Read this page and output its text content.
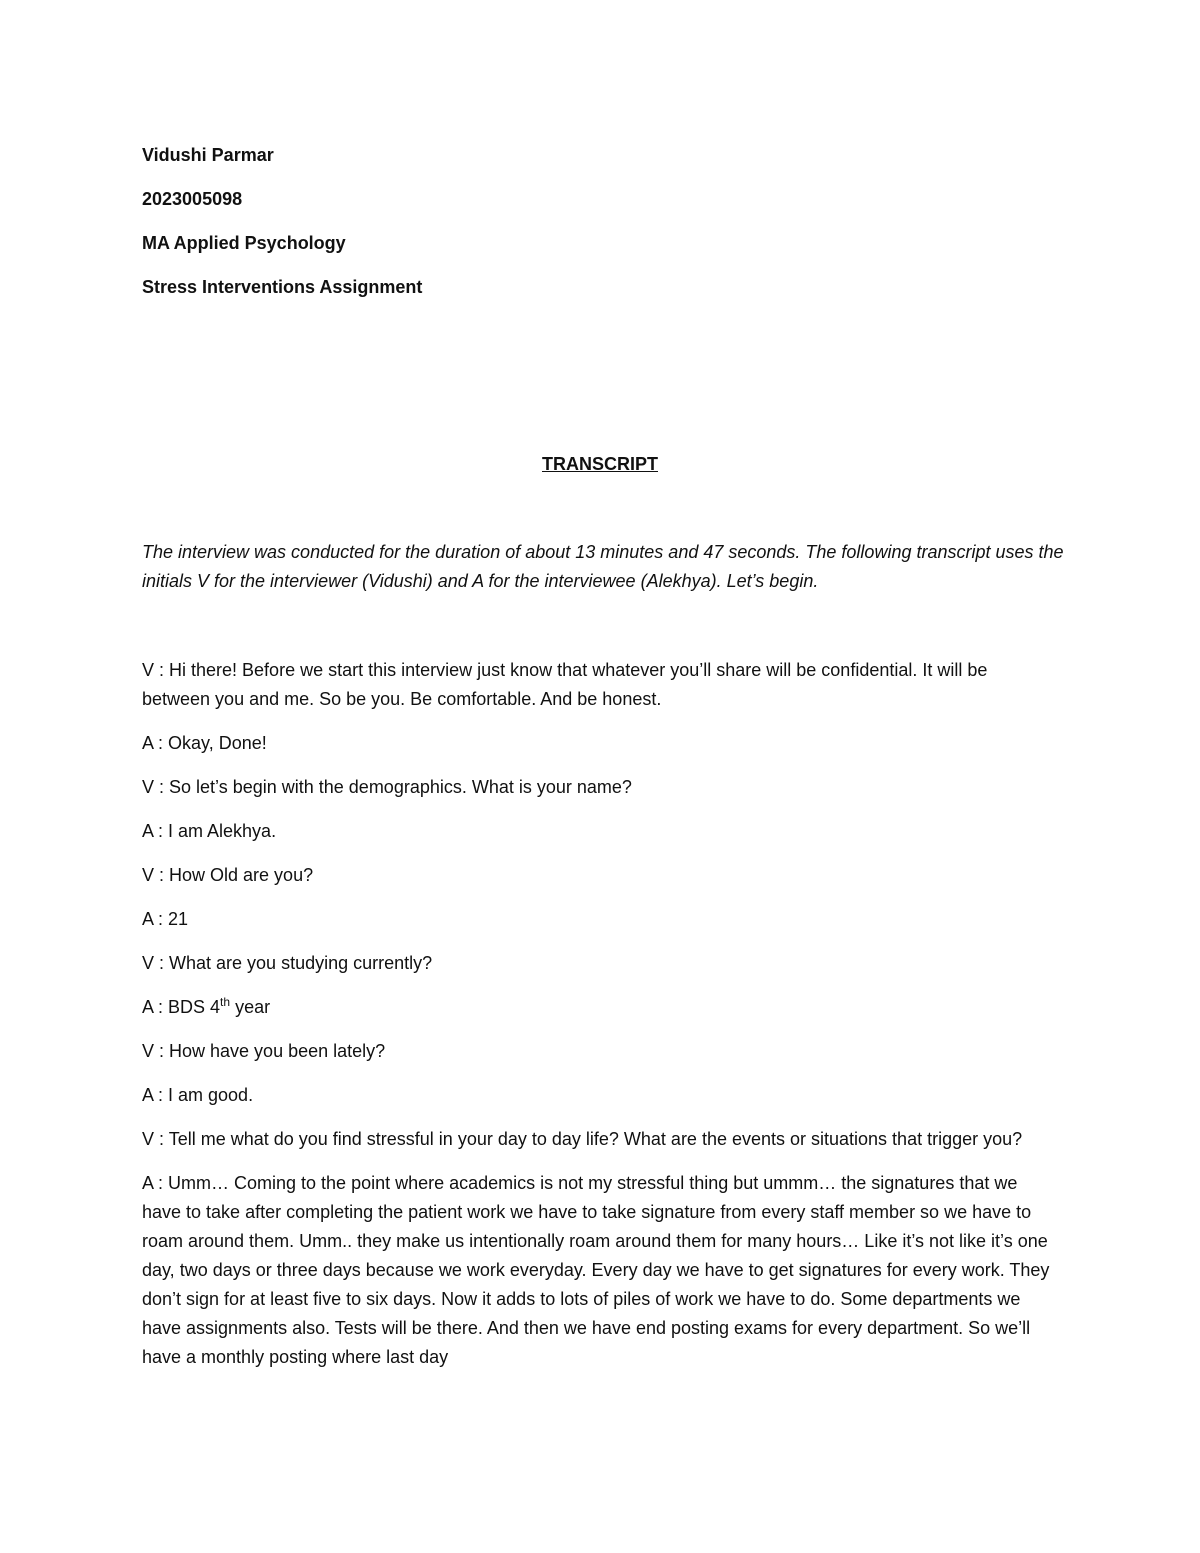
Vidushi Parmar

2023005098

MA Applied Psychology

Stress Interventions Assignment

TRANSCRIPT

The interview was conducted for the duration of about 13 minutes and 47 seconds. The following transcript uses the initials V for the interviewer (Vidushi) and A for the interviewee (Alekhya). Let’s begin.

V : Hi there! Before we start this interview just know that whatever you’ll share will be confidential. It will be between you and me. So be you. Be comfortable. And be honest.

A : Okay, Done!

V : So let’s begin with the demographics. What is your name?

A : I am Alekhya.

V : How Old are you?

A : 21

V : What are you studying currently?

A : BDS 4th year

V : How have you been lately?

A : I am good.

V : Tell me what do you find stressful in your day to day life? What are the events or situations that trigger you?

A : Umm… Coming to the point where academics is not my stressful thing but ummm… the signatures that we have to take after completing the patient work we have to take signature from every staff member so we have to roam around them. Umm.. they make us intentionally roam around them for many hours… Like it’s not like it’s one day, two days or three days because we work everyday. Every day we have to get signatures for every work. They don’t sign for at least five to six days. Now it adds to lots of piles of work we have to do. Some departments we have assignments also. Tests will be there. And then we have end posting exams for every department. So we’ll have a monthly posting where last day
